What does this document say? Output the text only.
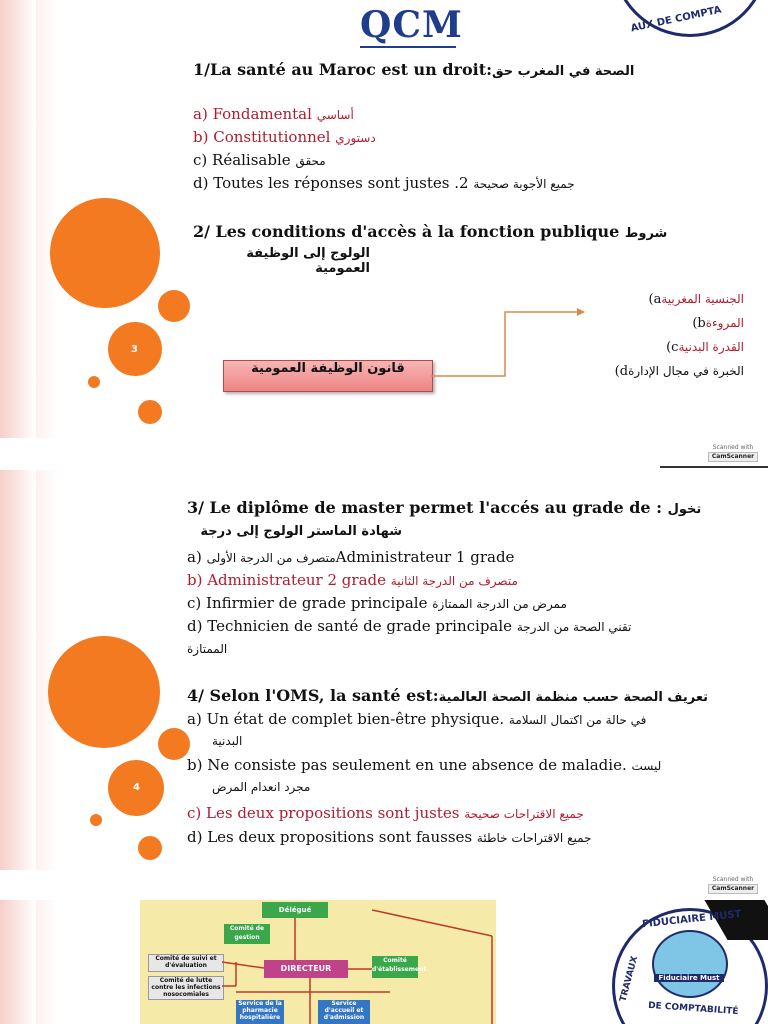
3
QCM	AUX DE COMPTA
1/La santé au Maroc est un droit:الصحة في المغرب حق
a) Fondamental أساسي
b) Constitutionnel دستوري
c) Réalisable محقق
d) Toutes les réponses sont justes .2 جميع الأجوبة صحيحة
2/ Les conditions d'accès à la fonction publique شروط
الولوج إلى الوظيفة العمومية
قانون الوظيفة العمومية
الجنسية المغربيةa)
المروءةb)
القدرة البدنيةc)
الخبرة في مجال الإدارةd)
Scanned with
CamScanner
4
3/ Le diplôme de master permet l'accés au grade de : تخول
شهادة الماستر الولوج إلى درجة
a) متصرف من الدرجة الأولىAdministrateur 1 grade
b) Administrateur 2 grade متصرف من الدرجة الثانية
c) Infirmier de grade principale ممرض من الدرجة الممتازة
d) Technicien de santé de grade principale تقني الصحة من الدرجة
الممتازة
4/ Selon l'OMS, la santé est:تعريف الصحة حسب منظمة الصحة العالمية
a) Un état de complet bien-être physique. في حالة من اكتمال السلامة
البدنية
b) Ne consiste pas seulement en une absence de maladie. ليست
مجرد انعدام المرض
c) Les deux propositions sont justes جميع الاقتراحات صحيحة
d) Les deux propositions sont fausses جميع الاقتراحات خاطئة
Scanned with
CamScanner
Délégué
Comité de gestion
DIRECTEUR
Comité de suivi et d'évaluation
Comité de lutte contre les infections nosocomiales
Comité d'établissement
Service de la pharmacie hospitalière
Service d'accueil et d'admission
FIDUCIAIRE MUST
TRAVAUX
DE COMPTABILITÉ
Fiduciaire Must
